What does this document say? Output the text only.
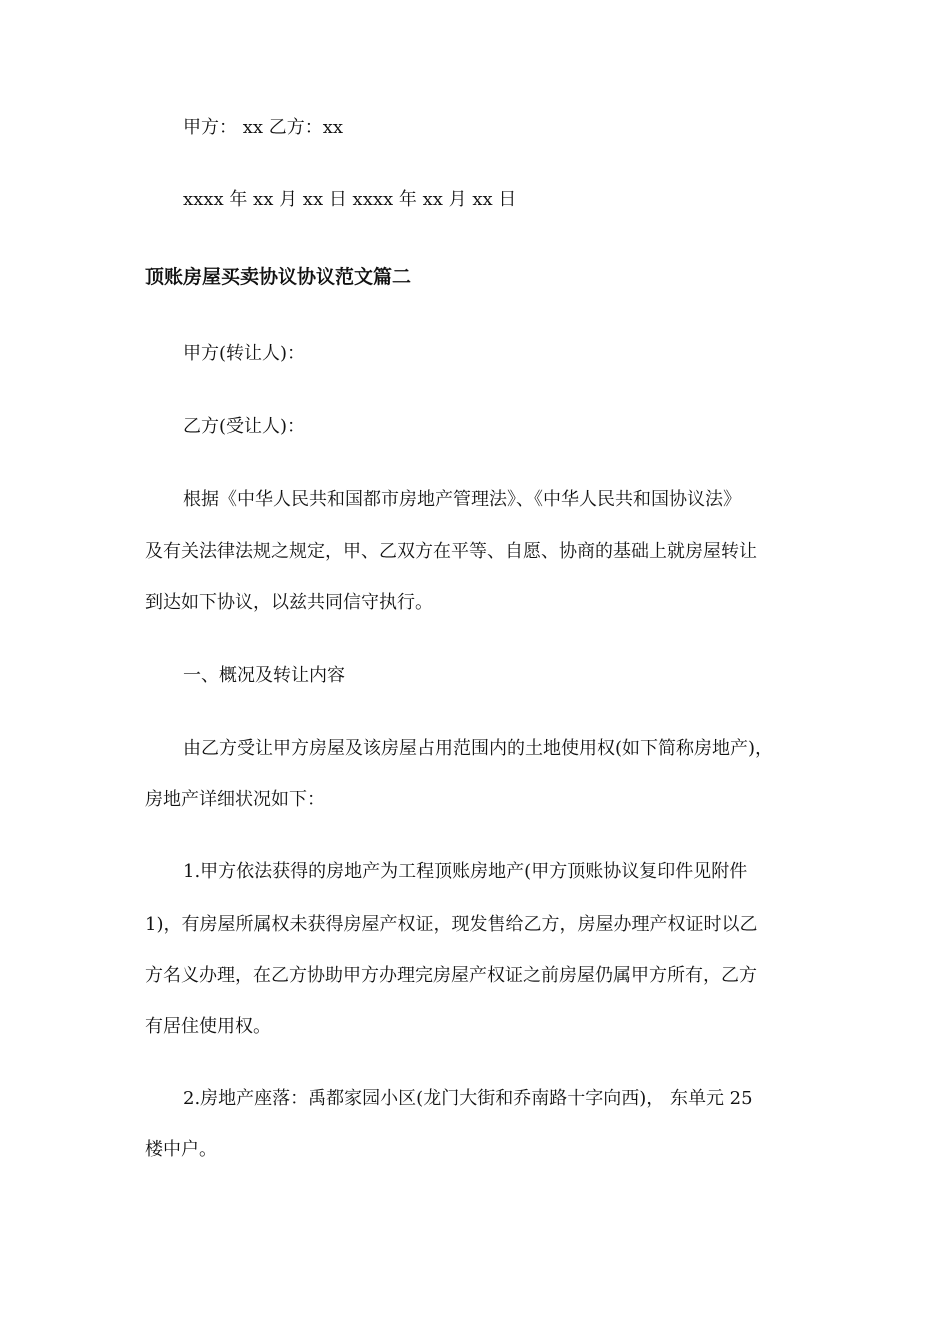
甲方： xx 乙方：xx
xxxx 年 xx 月 xx 日 xxxx 年 xx 月 xx 日
顶账房屋买卖协议协议范文篇二
甲方(转让人)：
乙方(受让人)：
根据《中华人民共和国都市房地产管理法》、《中华人民共和国协议法》
及有关法律法规之规定，甲、乙双方在平等、自愿、协商的基础上就房屋转让
到达如下协议，以兹共同信守执行。
一、概况及转让内容
由乙方受让甲方房屋及该房屋占用范围内的土地使用权(如下简称房地产)，
房地产详细状况如下：
1.甲方依法获得的房地产为工程顶账房地产(甲方顶账协议复印件见附件
1)，有房屋所属权未获得房屋产权证，现发售给乙方，房屋办理产权证时以乙
方名义办理，在乙方协助甲方办理完房屋产权证之前房屋仍属甲方所有，乙方
有居住使用权。
2.房地产座落：禹都家园小区(龙门大街和乔南路十字向西)， 东单元 25
楼中户。
